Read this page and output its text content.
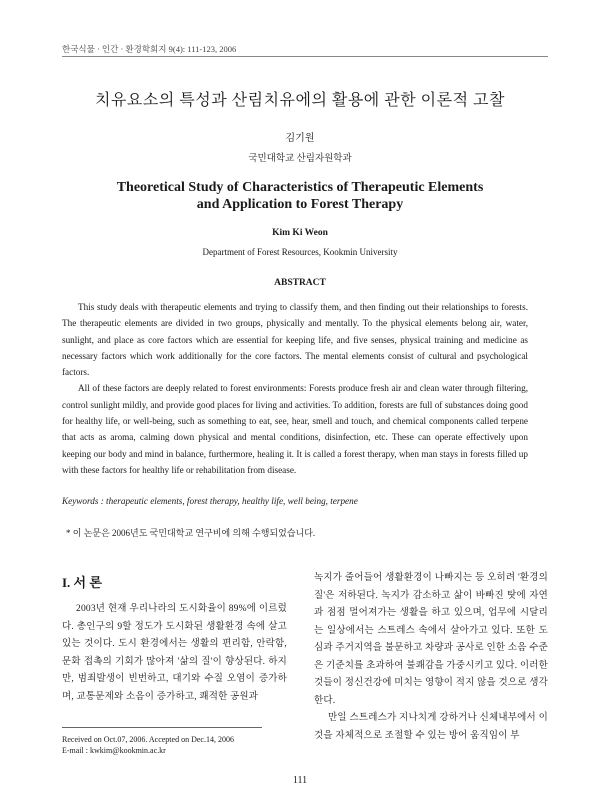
한국식물 · 인간 · 환경학회지 9(4): 111-123, 2006
치유요소의 특성과 산림치유에의 활용에 관한 이론적 고찰
김기원
국민대학교 산림자원학과
Theoretical Study of Characteristics of Therapeutic Elements
and Application to Forest Therapy
Kim Ki Weon
Department of Forest Resources, Kookmin University
ABSTRACT

This study deals with therapeutic elements and trying to classify them, and then finding out their relationships to forests. The therapeutic elements are divided in two groups, physically and mentally. To the physical elements belong air, water, sunlight, and place as core factors which are essential for keeping life, and five senses, physical training and medicine as necessary factors which work additionally for the core factors. The mental elements consist of cultural and psychological factors.

All of these factors are deeply related to forest environments: Forests produce fresh air and clean water through filtering, control sunlight mildly, and provide good places for living and activities. To addition, forests are full of substances doing good for healthy life, or well-being, such as something to eat, see, hear, smell and touch, and chemical components called terpene that acts as aroma, calming down physical and mental conditions, disinfection, etc. These can operate effectively upon keeping our body and mind in balance, furthermore, healing it. It is called a forest therapy, when man stays in forests filled up with these factors for healthy life or rehabilitation from disease.

Keywords : therapeutic elements, forest therapy, healthy life, well being, terpene
* 이 논문은 2006년도 국민대학교 연구비에 의해 수행되었습니다.
I. 서 론

2003년 현재 우리나라의 도시화율이 89%에 이르렀다. 총인구의 9할 정도가 도시화된 생활환경 속에 살고 있는 것이다. 도시 환경에서는 생활의 편리함, 안락함, 문화 접촉의 기회가 많아져 '삶의 질'이 향상된다. 하지만, 범죄발생이 빈번하고, 대기와 수질 오염이 증가하며, 교통문제와 소음이 증가하고, 쾌적한 공원과

녹지가 줄어들어 생활환경이 나빠지는 등 오히려 '환경의 질'은 저하된다. 녹지가 감소하고 삶이 바빠진 탓에 자연과 점점 멀어져가는 생활을 하고 있으며, 업무에 시달리는 일상에서는 스트레스 속에서 살아가고 있다. 또한 도심과 주거지역을 불문하고 차량과 공사로 인한 소음 수준은 기준치를 초과하여 불쾌감을 가중시키고 있다. 이러한 것들이 정신건강에 미치는 영향이 적지 않을 것으로 생각한다.

만일 스트레스가 지나치게 강하거나 신체내부에서 이것을 자체적으로 조절할 수 있는 방어 움직임이 부

Received on Oct.07, 2006. Accepted on Dec.14, 2006
E-mail : kwkim@kookmin.ac.kr
111
